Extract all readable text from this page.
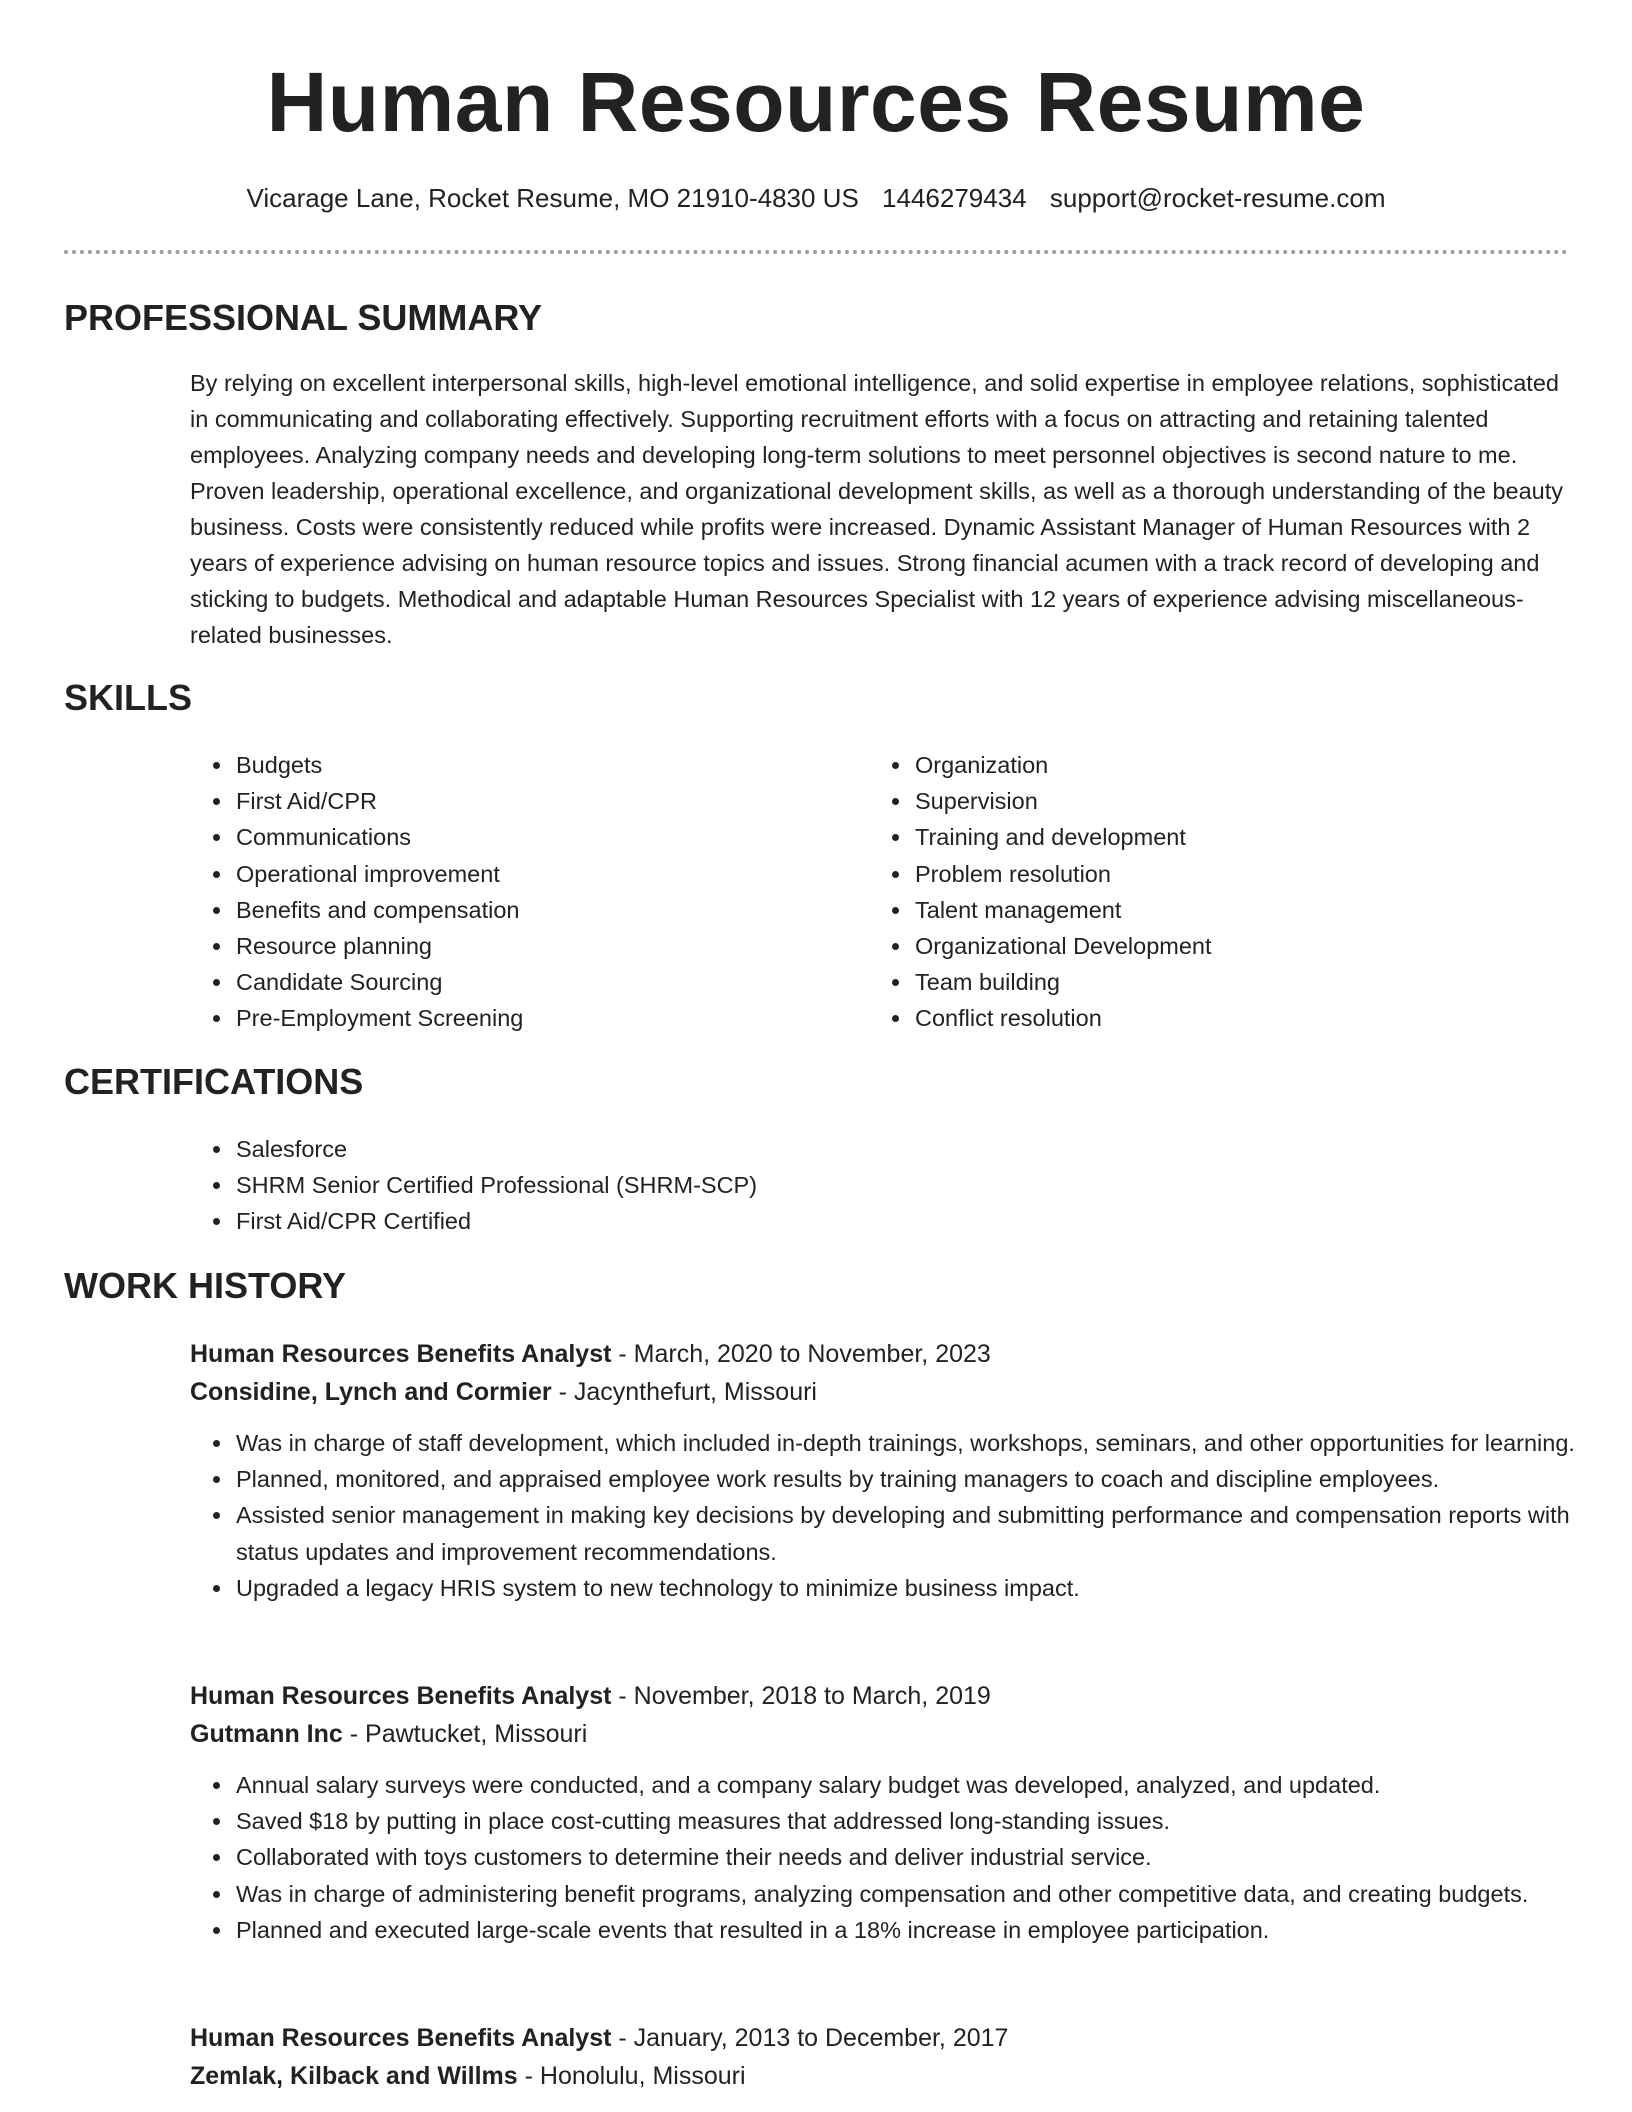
Human Resources Resume
Vicarage Lane, Rocket Resume, MO 21910-4830 US 1446279434 support@rocket-resume.com
PROFESSIONAL SUMMARY

By relying on excellent interpersonal skills, high-level emotional intelligence, and solid expertise in employee relations, sophisticated in communicating and collaborating effectively. Supporting recruitment efforts with a focus on attracting and retaining talented employees. Analyzing company needs and developing long-term solutions to meet personnel objectives is second nature to me. Proven leadership, operational excellence, and organizational development skills, as well as a thorough understanding of the beauty business. Costs were consistently reduced while profits were increased. Dynamic Assistant Manager of Human Resources with 2 years of experience advising on human resource topics and issues. Strong financial acumen with a track record of developing and sticking to budgets. Methodical and adaptable Human Resources Specialist with 12 years of experience advising miscellaneous-related businesses.

SKILLS
• Budgets
• First Aid/CPR
• Communications
• Operational improvement
• Benefits and compensation
• Resource planning
• Candidate Sourcing
• Pre-Employment Screening
• Organization
• Supervision
• Training and development
• Problem resolution
• Talent management
• Organizational Development
• Team building
• Conflict resolution
CERTIFICATIONS
• Salesforce
• SHRM Senior Certified Professional (SHRM-SCP)
• First Aid/CPR Certified
WORK HISTORY
Human Resources Benefits Analyst - March, 2020 to November, 2023
Considine, Lynch and Cormier - Jacynthefurt, Missouri
• Was in charge of staff development, which included in-depth trainings, workshops, seminars, and other opportunities for learning.
• Planned, monitored, and appraised employee work results by training managers to coach and discipline employees.
• Assisted senior management in making key decisions by developing and submitting performance and compensation reports with status updates and improvement recommendations.
• Upgraded a legacy HRIS system to new technology to minimize business impact.
Human Resources Benefits Analyst - November, 2018 to March, 2019
Gutmann Inc - Pawtucket, Missouri
• Annual salary surveys were conducted, and a company salary budget was developed, analyzed, and updated.
• Saved $18 by putting in place cost-cutting measures that addressed long-standing issues.
• Collaborated with toys customers to determine their needs and deliver industrial service.
• Was in charge of administering benefit programs, analyzing compensation and other competitive data, and creating budgets.
• Planned and executed large-scale events that resulted in a 18% increase in employee participation.
Human Resources Benefits Analyst - January, 2013 to December, 2017
Zemlak, Kilback and Willms - Honolulu, Missouri
